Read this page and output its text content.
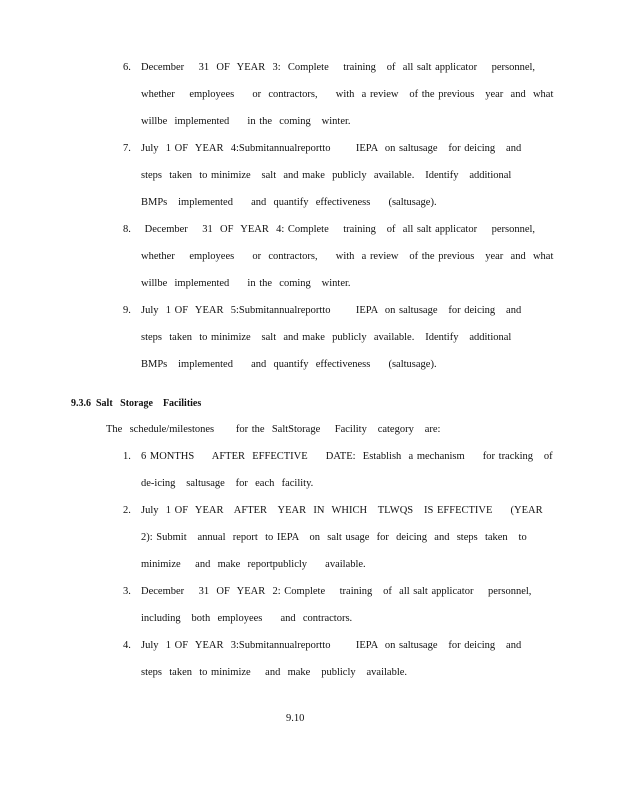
6. December    31  OF  YEAR  3:  Complete    training   of  all salt applicator    personnel,
whether    employees     or  contractors,     with  a review   of the previous   year  and  what
willbe  implemented     in the  coming   winter.
7. July  1 OF  YEAR  4:Submitannualreportto       IEPA  on saltusage   for deicing   and
steps  taken  to minimize   salt  and make  publicly  available.   Identify   additional
BMPs   implemented     and  quantify  effectiveness     (saltusage).
8. December    31  OF  YEAR  4: Complete    training   of  all salt applicator    personnel,
whether    employees     or  contractors,     with  a review   of the previous   year  and  what
willbe  implemented     in the  coming   winter.
9. July  1 OF  YEAR  5:Submitannualreportto       IEPA  on saltusage   for deicing   and
steps  taken  to minimize   salt  and make  publicly  available.   Identify   additional
BMPs   implemented     and  quantify  effectiveness     (saltusage).
9.3.6  Salt   Storage    Facilities
The  schedule/milestones      for the  SaltStorage    Facility   category   are:
1. 6 MONTHS     AFTER  EFFECTIVE     DATE:  Establish  a mechanism     for tracking   of
de-icing   saltusage   for  each  facility.
2. July  1 OF  YEAR   AFTER   YEAR  IN  WHICH   TLWQS   IS EFFECTIVE     (YEAR
2): Submit   annual  report  to IEPA   on  salt usage  for  deicing  and  steps  taken   to
minimize    and  make  reportpublicly     available.
3. December    31  OF  YEAR  2: Complete    training   of  all salt applicator    personnel,
including   both  employees     and  contractors.
4. July  1 OF  YEAR  3:Submitannualreportto       IEPA  on saltusage   for deicing   and
steps  taken  to minimize    and  make   publicly   available.
9.10
